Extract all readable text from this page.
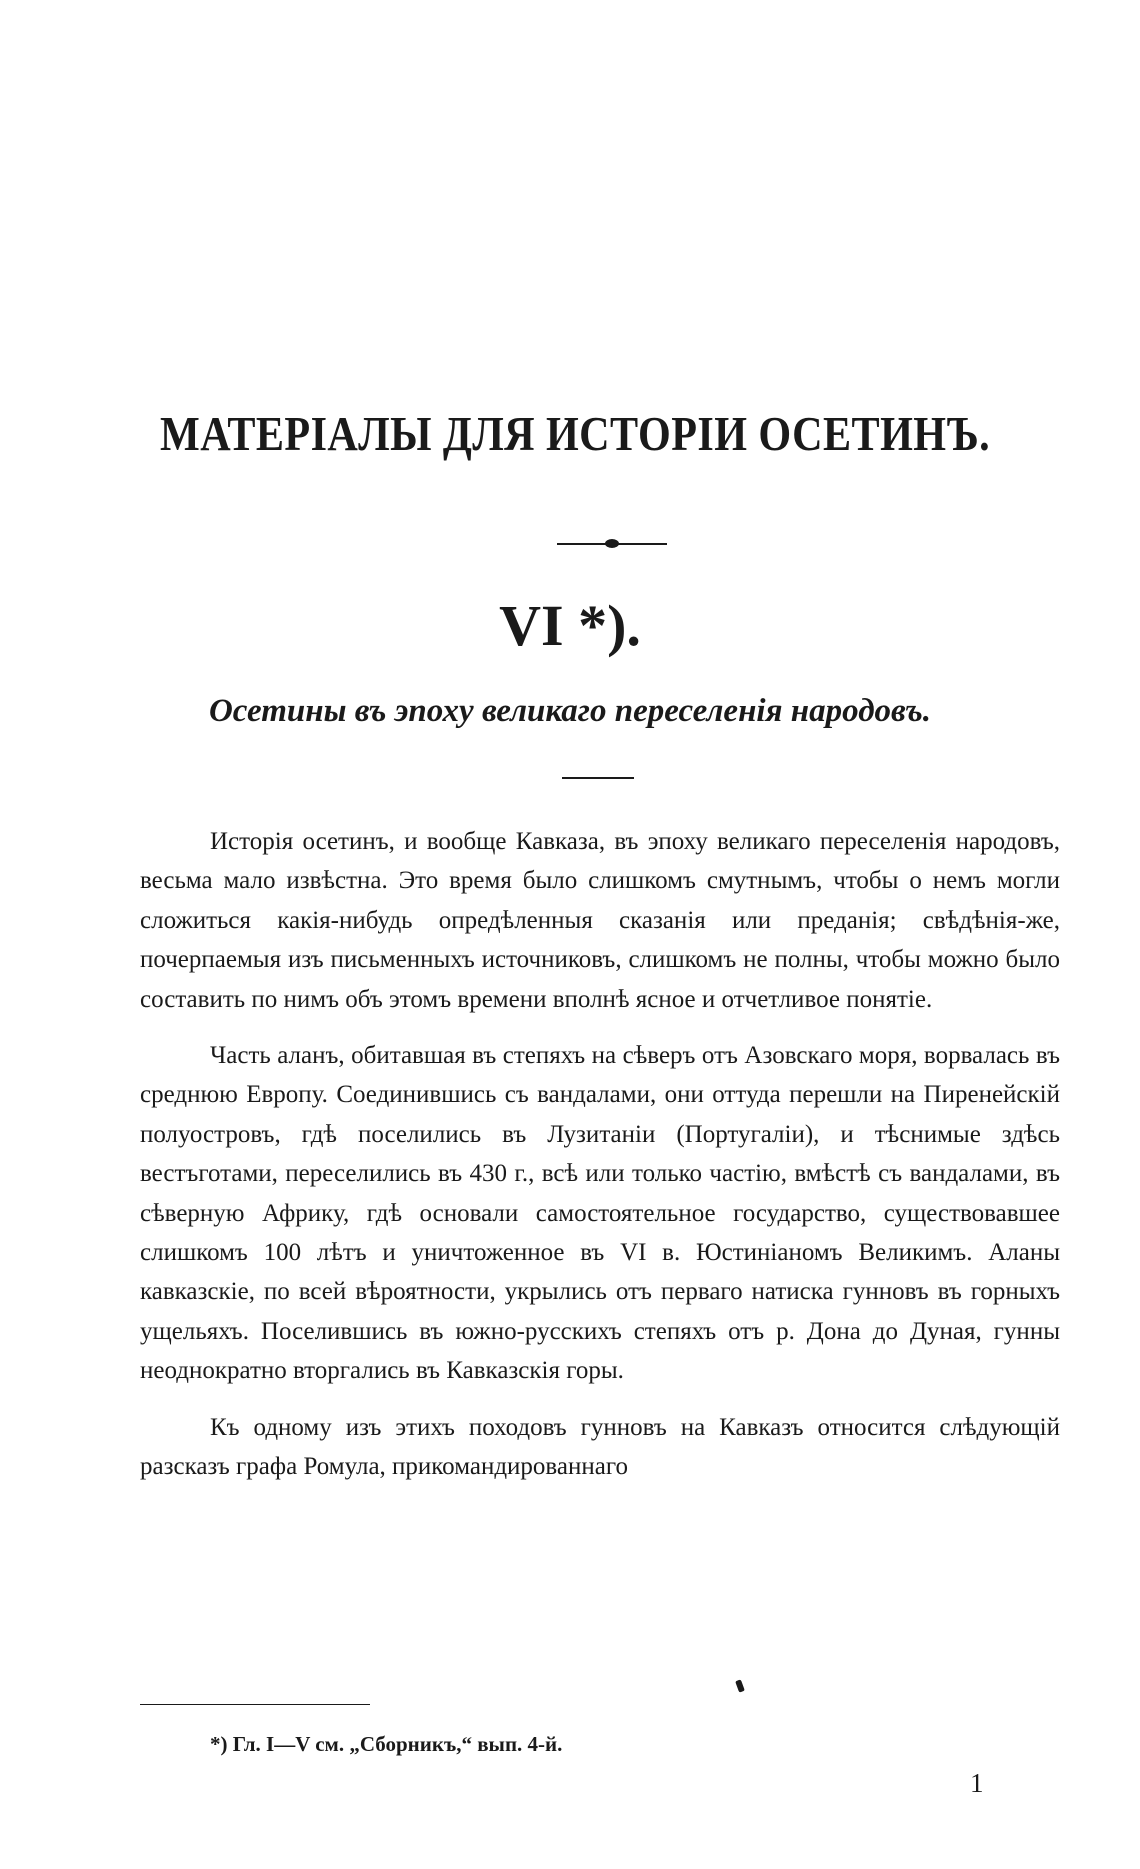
МАТЕРІАЛЫ ДЛЯ ИСТОРІИ ОСЕТИНЪ.
VI *).
Осетины въ эпоху великаго переселенія народовъ.

Исторія осетинъ, и вообще Кавказа, въ эпоху великаго переселенія народовъ, весьма мало извѣстна. Это время было слишкомъ смутнымъ, чтобы о немъ могли сложиться какія-нибудь опредѣленныя сказанія или преданія; свѣдѣнія-же, почерпаемыя изъ письменныхъ источниковъ, слишкомъ не полны, чтобы можно было составить по нимъ объ этомъ времени вполнѣ ясное и отчетливое понятіе.

Часть аланъ, обитавшая въ степяхъ на сѣверъ отъ Азовскаго моря, ворвалась въ среднюю Европу. Соединившись съ вандалами, они оттуда перешли на Пиренейскій полуостровъ, гдѣ поселились въ Лузитаніи (Португаліи), и тѣснимые здѣсь вестъготами, переселились въ 430 г., всѣ или только частію, вмѣстѣ съ вандалами, въ сѣверную Африку, гдѣ основали самостоятельное государство, существовавшее слишкомъ 100 лѣтъ и уничтоженное въ VI в. Юстиніаномъ Великимъ. Аланы кавказскіе, по всей вѣроятности, укрылись отъ перваго натиска гунновъ въ горныхъ ущельяхъ. Поселившись въ южно-русскихъ степяхъ отъ р. Дона до Дуная, гунны неоднократно вторгались въ Кавказскія горы.

Къ одному изъ этихъ походовъ гунновъ на Кавказъ относится слѣдующій разсказъ графа Ромула, прикомандированнаго

*) Гл. I—V см. „Сборникъ,“ вып. 4-й.
1
